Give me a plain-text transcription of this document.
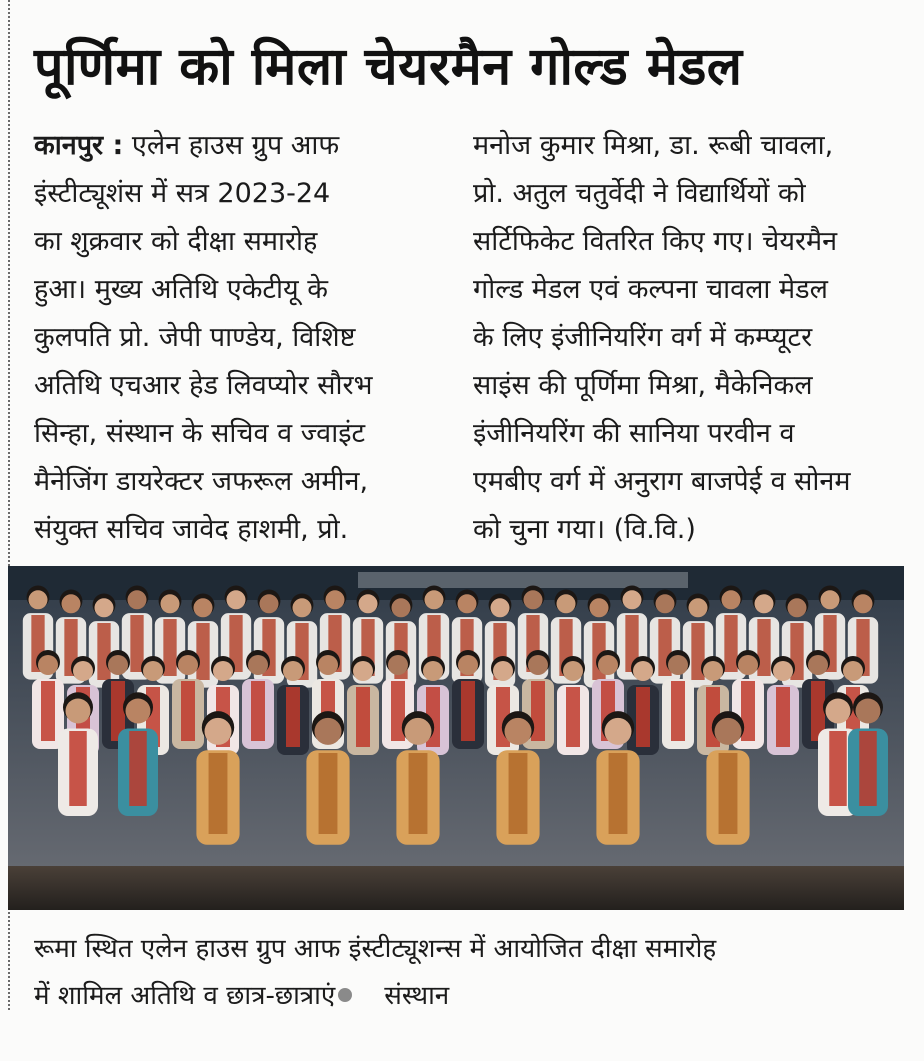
पूर्णिमा को मिला चेयरमैन गोल्ड मेडल
कानपुर : एलेन हाउस ग्रुप आफ
इंस्टीट्यूशंस में सत्र 2023-24
का शुक्रवार को दीक्षा समारोह
हुआ। मुख्य अतिथि एकेटीयू के
कुलपति प्रो. जेपी पाण्डेय, विशिष्ट
अतिथि एचआर हेड लिवप्योर सौरभ
सिन्हा, संस्थान के सचिव व ज्वाइंट
मैनेजिंग डायरेक्टर जफरूल अमीन,
संयुक्त सचिव जावेद हाशमी, प्रो.
मनोज कुमार मिश्रा, डा. रूबी चावला,
प्रो. अतुल चतुर्वेदी ने विद्यार्थियों को
सर्टिफिकेट वितरित किए गए। चेयरमैन
गोल्ड मेडल एवं कल्पना चावला मेडल
के लिए इंजीनियरिंग वर्ग में कम्प्यूटर
साइंस की पूर्णिमा मिश्रा, मैकेनिकल
इंजीनियरिंग की सानिया परवीन व
एमबीए वर्ग में अनुराग बाजपेई व सोनम
को चुना गया। (वि.वि.)
रूमा स्थित एलेन हाउस ग्रुप आफ इंस्टीट्यूशन्स में आयोजित दीक्षा समारोह
में शामिल अतिथि व छात्र-छात्राएं संस्थान
